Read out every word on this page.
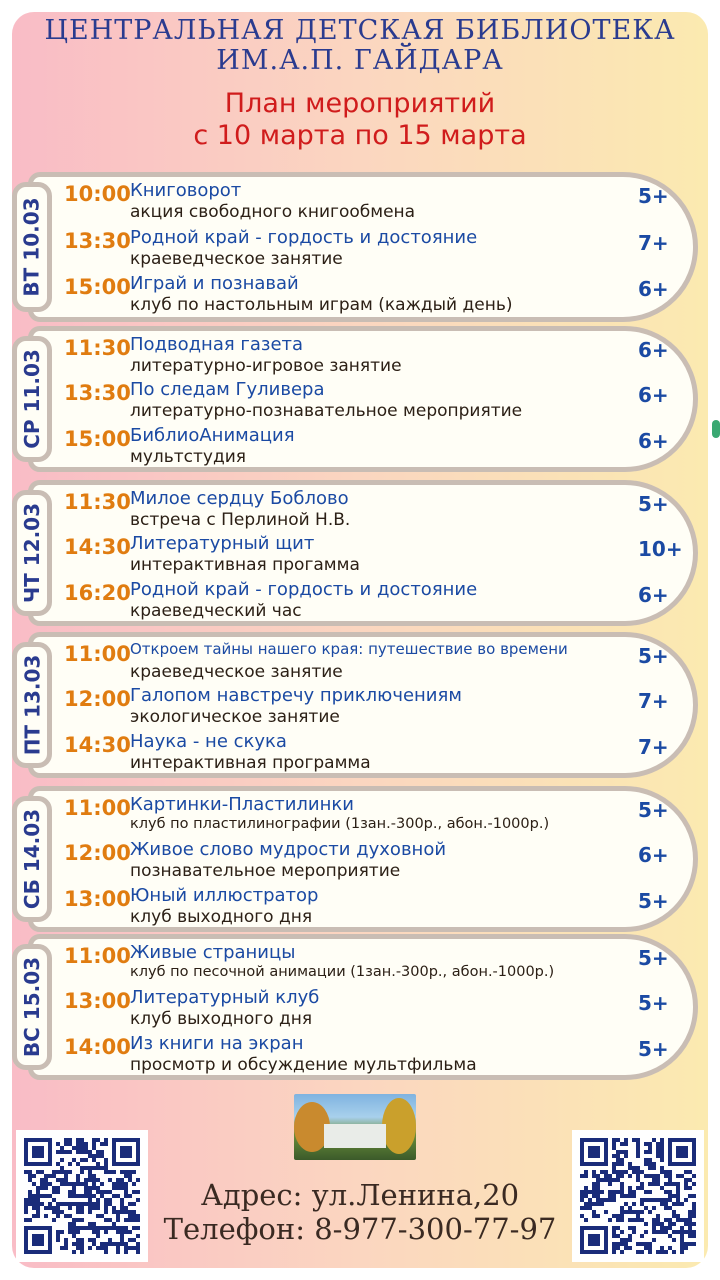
ЦЕНТРАЛЬНАЯ ДЕТСКАЯ БИБЛИОТЕКА
ИМ.А.П. ГАЙДАРА
План мероприятий
с 10 марта по 15 марта
ВТ 10.03
10:00 Книговорот
акция свободного книгообмена
5+
13:30 Родной край - гордость и достояние
краеведческое занятие
7+
15:00 Играй и познавай
клуб по настольным играм (каждый день)
6+
СР 11.03
11:30 Подводная газета
литературно-игровое занятие
6+
13:30 По следам Гуливера
литературно-познавательное мероприятие
6+
15:00 БиблиоАнимация
мультстудия
6+
ЧТ 12.03
11:30 Милое сердцу Боблово
встреча с Перлиной Н.В.
5+
14:30 Литературный щит
интерактивная прогамма
10+
16:20 Родной край - гордость и достояние
краеведческий час
6+
ПТ 13.03
11:00 Откроем тайны нашего края: путешествие во времени
краеведческое занятие
5+
12:00 Галопом навстречу приключениям
экологическое занятие
7+
14:30 Наука - не скука
интерактивная программа
7+
СБ 14.03
11:00 Картинки-Пластилинки
клуб по пластилинографии (1зан.-300р., абон.-1000р.)
5+
12:00 Живое слово мудрости духовной
познавательное мероприятие
6+
13:00 Юный иллюстратор
клуб выходного дня
5+
ВС 15.03
11:00 Живые страницы
клуб по песочной анимации (1зан.-300р., абон.-1000р.)
5+
13:00 Литературный клуб
клуб выходного дня
5+
14:00 Из книги на экран
просмотр и обсуждение мультфильма
5+
Адрес: ул.Ленина,20
Телефон: 8-977-300-77-97
